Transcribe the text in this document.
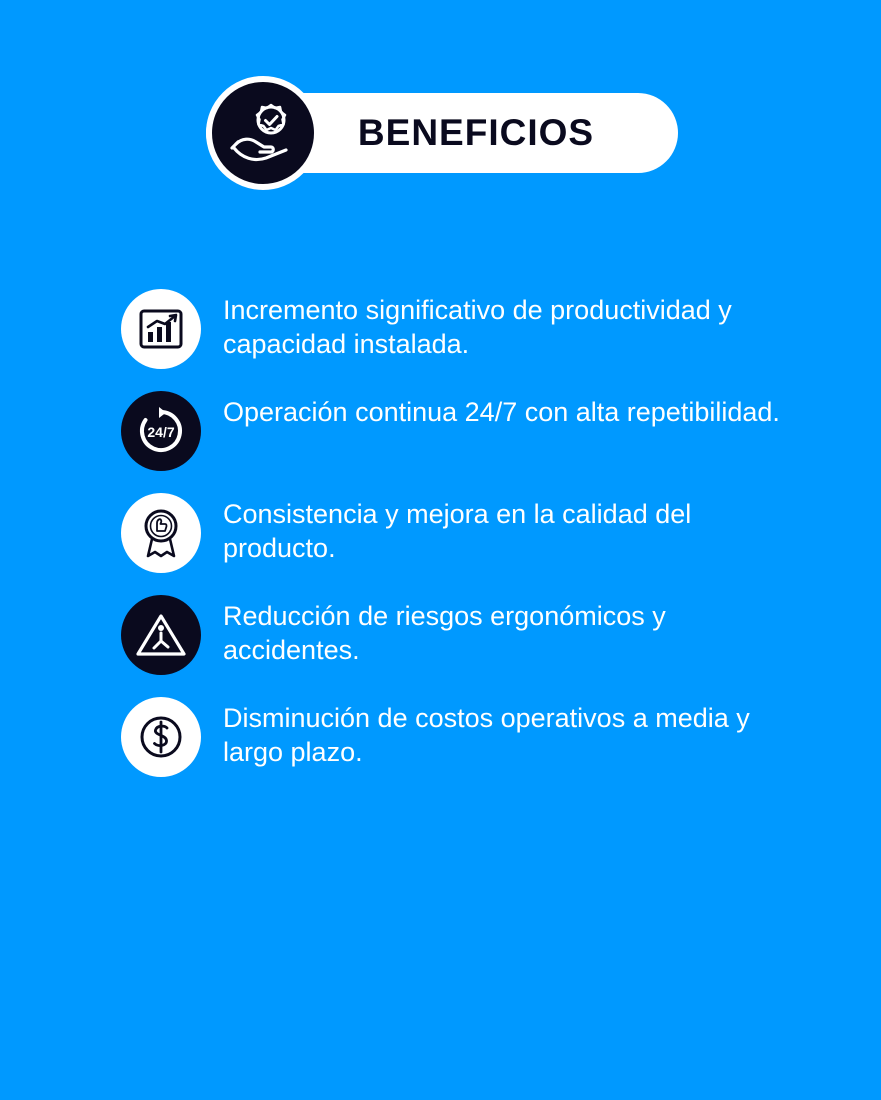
BENEFICIOS
Incremento significativo de productividad y capacidad instalada.
24/7
Operación continua 24/7 con alta repetibilidad.
Consistencia y mejora en la calidad del producto.
Reducción de riesgos ergonómicos y accidentes.
Disminución de costos operativos a media y largo plazo.
